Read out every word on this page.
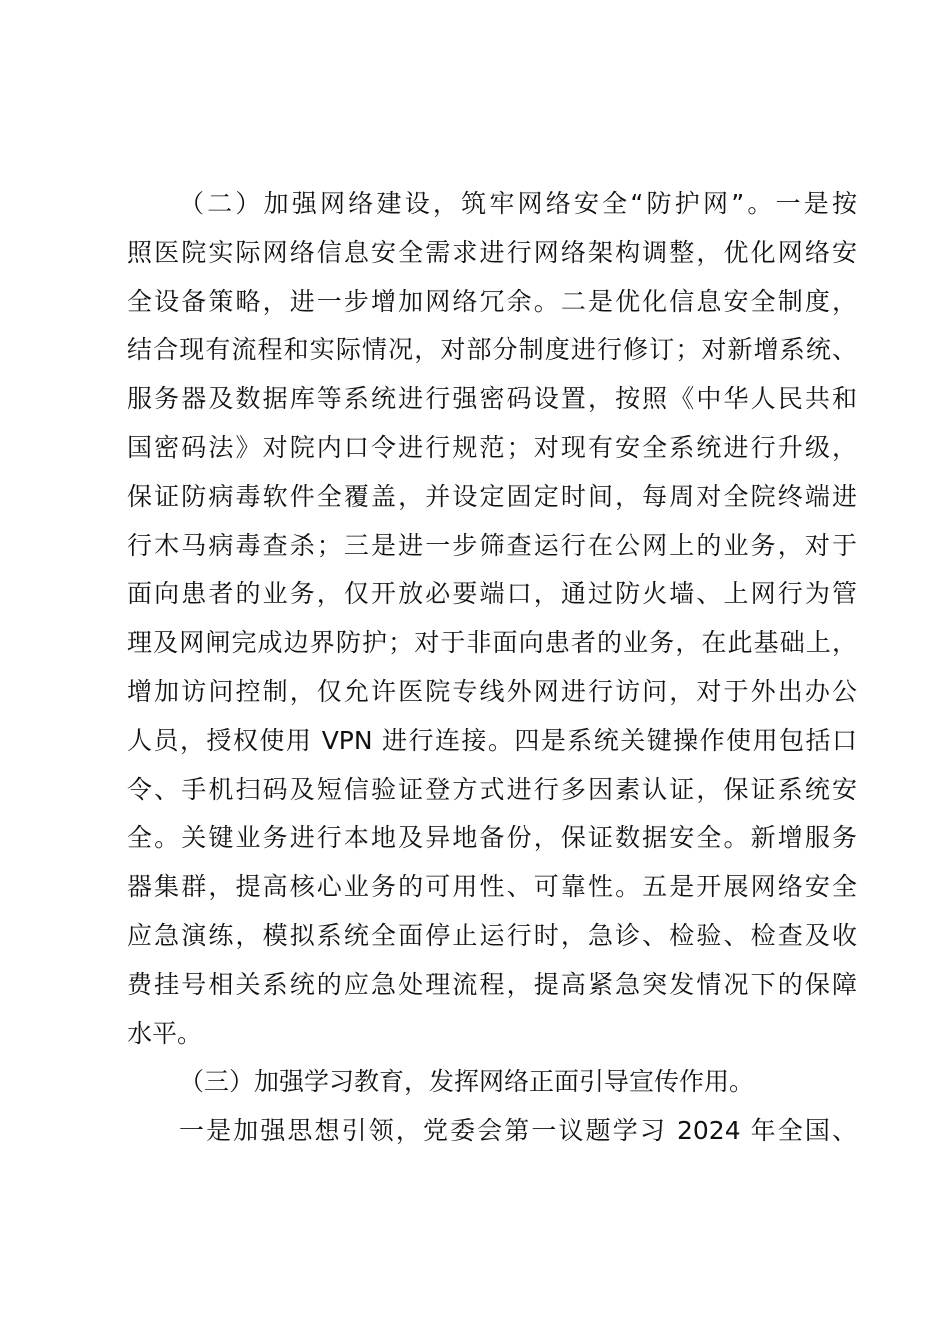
（二）加强网络建设，筑牢网络安全“防护网”。一是按
照医院实际网络信息安全需求进行网络架构调整，优化网络安
全设备策略，进一步增加网络冗余。二是优化信息安全制度，
结合现有流程和实际情况，对部分制度进行修订；对新增系统、
服务器及数据库等系统进行强密码设置，按照《中华人民共和
国密码法》对院内口令进行规范；对现有安全系统进行升级，
保证防病毒软件全覆盖，并设定固定时间，每周对全院终端进
行木马病毒查杀；三是进一步筛查运行在公网上的业务，对于
面向患者的业务，仅开放必要端口，通过防火墙、上网行为管
理及网闸完成边界防护；对于非面向患者的业务，在此基础上，
增加访问控制，仅允许医院专线外网进行访问，对于外出办公
人员，授权使用 VPN 进行连接。四是系统关键操作使用包括口
令、手机扫码及短信验证登方式进行多因素认证，保证系统安
全。关键业务进行本地及异地备份，保证数据安全。新增服务
器集群，提高核心业务的可用性、可靠性。五是开展网络安全
应急演练，模拟系统全面停止运行时，急诊、检验、检查及收
费挂号相关系统的应急处理流程，提高紧急突发情况下的保障
水平。
（三）加强学习教育，发挥网络正面引导宣传作用。
一是加强思想引领，党委会第一议题学习 2024 年全国、
